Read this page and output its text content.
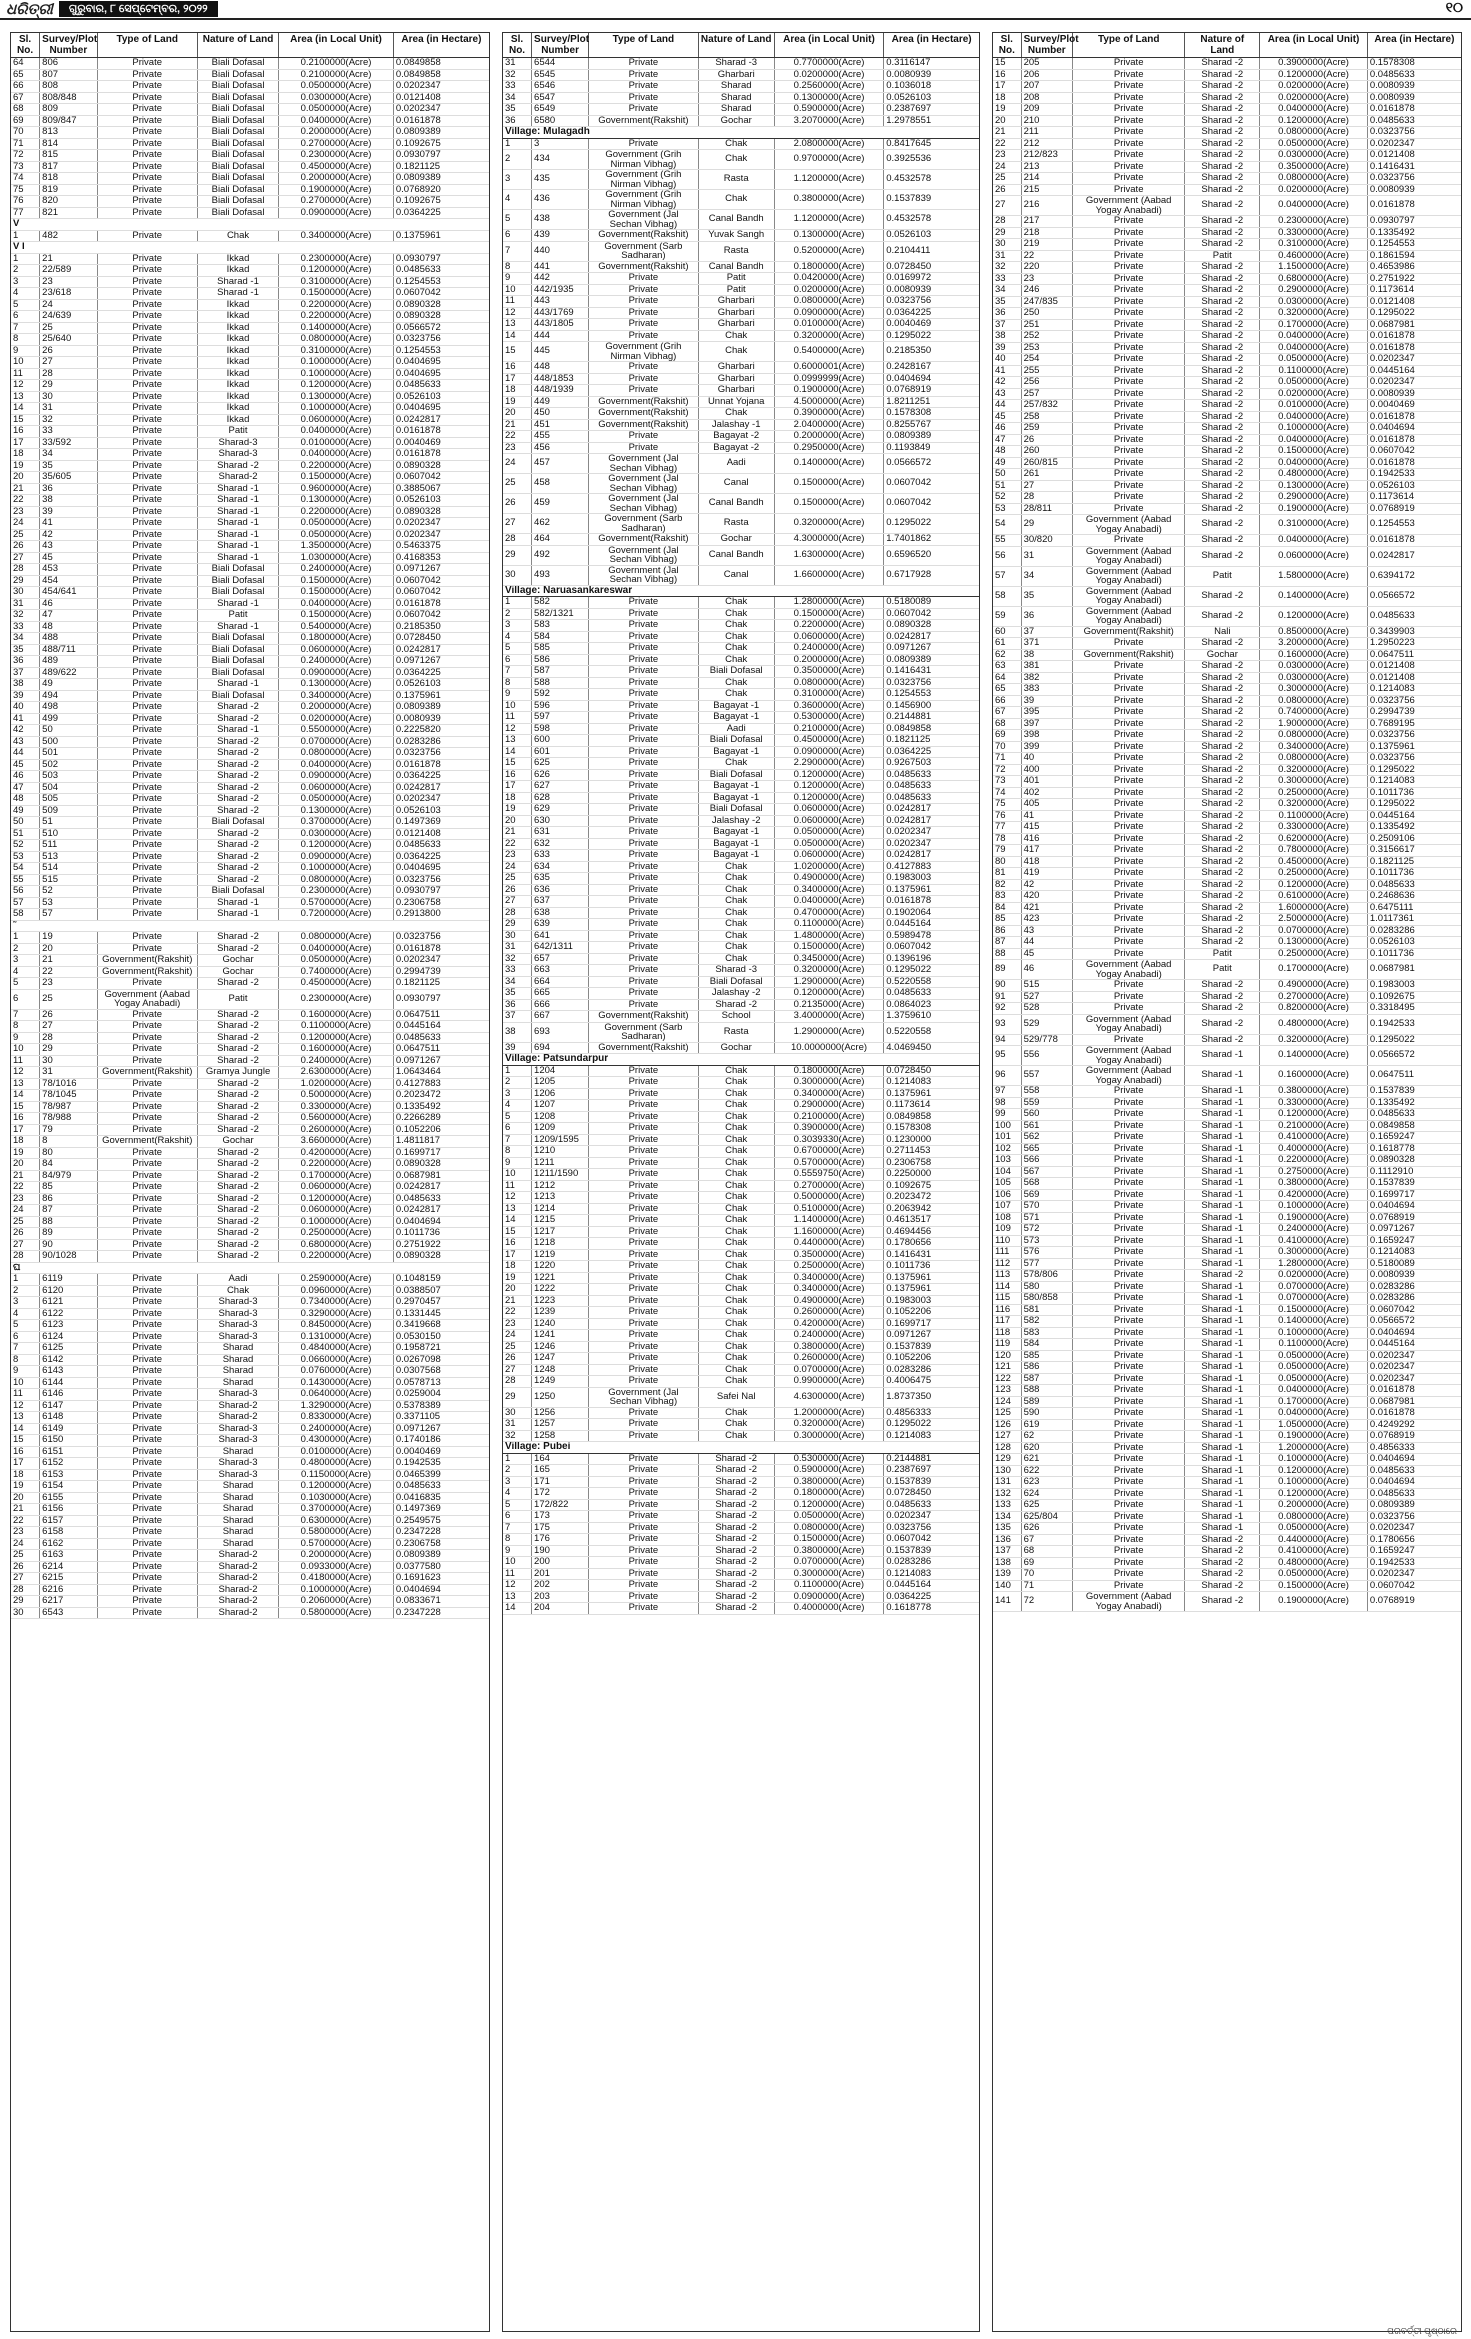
ଧରିତ୍ରୀ	ଗୁରୁବାର, ୮ ସେପ୍ଟେମ୍ବର, ୨୦୨୨	୧୦
Sl. No.	Survey/Plot Number	Type of Land	Nature of Land	Area (in Local Unit)	Area (in Hectare)
64	806	Private	Biali Dofasal	0.2100000(Acre)	0.0849858
65	807	Private	Biali Dofasal	0.2100000(Acre)	0.0849858
66	808	Private	Biali Dofasal	0.0500000(Acre)	0.0202347
67	808/848	Private	Biali Dofasal	0.0300000(Acre)	0.0121408
68	809	Private	Biali Dofasal	0.0500000(Acre)	0.0202347
69	809/847	Private	Biali Dofasal	0.0400000(Acre)	0.0161878
70	813	Private	Biali Dofasal	0.2000000(Acre)	0.0809389
71	814	Private	Biali Dofasal	0.2700000(Acre)	0.1092675
72	815	Private	Biali Dofasal	0.2300000(Acre)	0.0930797
73	817	Private	Biali Dofasal	0.4500000(Acre)	0.1821125
74	818	Private	Biali Dofasal	0.2000000(Acre)	0.0809389
75	819	Private	Biali Dofasal	0.1900000(Acre)	0.0768920
76	820	Private	Biali Dofasal	0.2700000(Acre)	0.1092675
77	821	Private	Biali Dofasal	0.0900000(Acre)	0.0364225
V					
1	482	Private	Chak	0.3400000(Acre)	0.1375961
V I					
1	21	Private	Ikkad	0.2300000(Acre)	0.0930797
2	22/589	Private	Ikkad	0.1200000(Acre)	0.0485633
3	23	Private	Sharad -1	0.3100000(Acre)	0.1254553
4	23/618	Private	Sharad -1	0.1500000(Acre)	0.0607042
5	24	Private	Ikkad	0.2200000(Acre)	0.0890328
6	24/639	Private	Ikkad	0.2200000(Acre)	0.0890328
7	25	Private	Ikkad	0.1400000(Acre)	0.0566572
8	25/640	Private	Ikkad	0.0800000(Acre)	0.0323756
9	26	Private	Ikkad	0.3100000(Acre)	0.1254553
10	27	Private	Ikkad	0.1000000(Acre)	0.0404695
11	28	Private	Ikkad	0.1000000(Acre)	0.0404695
12	29	Private	Ikkad	0.1200000(Acre)	0.0485633
13	30	Private	Ikkad	0.1300000(Acre)	0.0526103
14	31	Private	Ikkad	0.1000000(Acre)	0.0404695
15	32	Private	Ikkad	0.0600000(Acre)	0.0242817
16	33	Private	Patit	0.0400000(Acre)	0.0161878
17	33/592	Private	Sharad-3	0.0100000(Acre)	0.0040469
18	34	Private	Sharad-3	0.0400000(Acre)	0.0161878
19	35	Private	Sharad -2	0.2200000(Acre)	0.0890328
20	35/605	Private	Sharad-2	0.1500000(Acre)	0.0607042
21	36	Private	Sharad -1	0.9600000(Acre)	0.3885067
22	38	Private	Sharad -1	0.1300000(Acre)	0.0526103
23	39	Private	Sharad -1	0.2200000(Acre)	0.0890328
24	41	Private	Sharad -1	0.0500000(Acre)	0.0202347
25	42	Private	Sharad -1	0.0500000(Acre)	0.0202347
26	43	Private	Sharad -1	1.3500000(Acre)	0.5463375
27	45	Private	Sharad -1	1.0300000(Acre)	0.4168353
28	453	Private	Biali Dofasal	0.2400000(Acre)	0.0971267
29	454	Private	Biali Dofasal	0.1500000(Acre)	0.0607042
30	454/641	Private	Biali Dofasal	0.1500000(Acre)	0.0607042
31	46	Private	Sharad -1	0.0400000(Acre)	0.0161878
32	47	Private	Patit	0.1500000(Acre)	0.0607042
33	48	Private	Sharad -1	0.5400000(Acre)	0.2185350
34	488	Private	Biali Dofasal	0.1800000(Acre)	0.0728450
35	488/711	Private	Biali Dofasal	0.0600000(Acre)	0.0242817
36	489	Private	Biali Dofasal	0.2400000(Acre)	0.0971267
37	489/622	Private	Biali Dofasal	0.0900000(Acre)	0.0364225
38	49	Private	Sharad -1	0.1300000(Acre)	0.0526103
39	494	Private	Biali Dofasal	0.3400000(Acre)	0.1375961
40	498	Private	Sharad -2	0.2000000(Acre)	0.0809389
41	499	Private	Sharad -2	0.0200000(Acre)	0.0080939
42	50	Private	Sharad -1	0.5500000(Acre)	0.2225820
43	500	Private	Sharad -2	0.0700000(Acre)	0.0283286
44	501	Private	Sharad -2	0.0800000(Acre)	0.0323756
45	502	Private	Sharad -2	0.0400000(Acre)	0.0161878
46	503	Private	Sharad -2	0.0900000(Acre)	0.0364225
47	504	Private	Sharad -2	0.0600000(Acre)	0.0242817
48	505	Private	Sharad -2	0.0500000(Acre)	0.0202347
49	509	Private	Sharad -2	0.1300000(Acre)	0.0526103
50	51	Private	Biali Dofasal	0.3700000(Acre)	0.1497369
51	510	Private	Sharad -2	0.0300000(Acre)	0.0121408
52	511	Private	Sharad -2	0.1200000(Acre)	0.0485633
53	513	Private	Sharad -2	0.0900000(Acre)	0.0364225
54	514	Private	Sharad -2	0.1000000(Acre)	0.0404695
55	515	Private	Sharad -2	0.0800000(Acre)	0.0323756
56	52	Private	Biali Dofasal	0.2300000(Acre)	0.0930797
57	53	Private	Sharad -1	0.5700000(Acre)	0.2306758
58	57	Private	Sharad -1	0.7200000(Acre)	0.2913800
˜					
1	19	Private	Sharad -2	0.0800000(Acre)	0.0323756
2	20	Private	Sharad -2	0.0400000(Acre)	0.0161878
3	21	Government(Rakshit)	Gochar	0.0500000(Acre)	0.0202347
4	22	Government(Rakshit)	Gochar	0.7400000(Acre)	0.2994739
5	23	Private	Sharad -2	0.4500000(Acre)	0.1821125
6	25	Government (Aabad Yogay Anabadi)	Patit	0.2300000(Acre)	0.0930797
7	26	Private	Sharad -2	0.1600000(Acre)	0.0647511
8	27	Private	Sharad -2	0.1100000(Acre)	0.0445164
9	28	Private	Sharad -2	0.1200000(Acre)	0.0485633
10	29	Private	Sharad -2	0.1600000(Acre)	0.0647511
11	30	Private	Sharad -2	0.2400000(Acre)	0.0971267
12	31	Government(Rakshit)	Gramya Jungle	2.6300000(Acre)	1.0643464
13	78/1016	Private	Sharad -2	1.0200000(Acre)	0.4127883
14	78/1045	Private	Sharad -2	0.5000000(Acre)	0.2023472
15	78/987	Private	Sharad -2	0.3300000(Acre)	0.1335492
16	78/988	Private	Sharad -2	0.5600000(Acre)	0.2266289
17	79	Private	Sharad -2	0.2600000(Acre)	0.1052206
18	8	Government(Rakshit)	Gochar	3.6600000(Acre)	1.4811817
19	80	Private	Sharad -2	0.4200000(Acre)	0.1699717
20	84	Private	Sharad -2	0.2200000(Acre)	0.0890328
21	84/979	Private	Sharad -2	0.1700000(Acre)	0.0687981
22	85	Private	Sharad -2	0.0600000(Acre)	0.0242817
23	86	Private	Sharad -2	0.1200000(Acre)	0.0485633
24	87	Private	Sharad -2	0.0600000(Acre)	0.0242817
25	88	Private	Sharad -2	0.1000000(Acre)	0.0404694
26	89	Private	Sharad -2	0.2500000(Acre)	0.1011736
27	90	Private	Sharad -2	0.6800000(Acre)	0.2751922
28	90/1028	Private	Sharad -2	0.2200000(Acre)	0.0890328
ଘ					
1	6119	Private	Aadi	0.2590000(Acre)	0.1048159
2	6120	Private	Chak	0.0960000(Acre)	0.0388507
3	6121	Private	Sharad-3	0.7340000(Acre)	0.2970457
4	6122	Private	Sharad-3	0.3290000(Acre)	0.1331445
5	6123	Private	Sharad-3	0.8450000(Acre)	0.3419668
6	6124	Private	Sharad-3	0.1310000(Acre)	0.0530150
7	6125	Private	Sharad	0.4840000(Acre)	0.1958721
8	6142	Private	Sharad	0.0660000(Acre)	0.0267098
9	6143	Private	Sharad	0.0760000(Acre)	0.0307568
10	6144	Private	Sharad	0.1430000(Acre)	0.0578713
11	6146	Private	Sharad-3	0.0640000(Acre)	0.0259004
12	6147	Private	Sharad-2	1.3290000(Acre)	0.5378389
13	6148	Private	Sharad-2	0.8330000(Acre)	0.3371105
14	6149	Private	Sharad-3	0.2400000(Acre)	0.0971267
15	6150	Private	Sharad-3	0.4300000(Acre)	0.1740186
16	6151	Private	Sharad	0.0100000(Acre)	0.0040469
17	6152	Private	Sharad-3	0.4800000(Acre)	0.1942535
18	6153	Private	Sharad-3	0.1150000(Acre)	0.0465399
19	6154	Private	Sharad	0.1200000(Acre)	0.0485633
20	6155	Private	Sharad	0.1030000(Acre)	0.0416835
21	6156	Private	Sharad	0.3700000(Acre)	0.1497369
22	6157	Private	Sharad	0.6300000(Acre)	0.2549575
23	6158	Private	Sharad	0.5800000(Acre)	0.2347228
24	6162	Private	Sharad	0.5700000(Acre)	0.2306758
25	6163	Private	Sharad-2	0.2000000(Acre)	0.0809389
26	6214	Private	Sharad-2	0.0933000(Acre)	0.0377580
27	6215	Private	Sharad-2	0.4180000(Acre)	0.1691623
28	6216	Private	Sharad-2	0.1000000(Acre)	0.0404694
29	6217	Private	Sharad-2	0.2060000(Acre)	0.0833671
30	6543	Private	Sharad-2	0.5800000(Acre)	0.2347228
Sl. No.	Survey/Plot Number	Type of Land	Nature of Land	Area (in Local Unit)	Area (in Hectare)
31	6544	Private	Sharad -3	0.7700000(Acre)	0.3116147
32	6545	Private	Gharbari	0.0200000(Acre)	0.0080939
33	6546	Private	Sharad	0.2560000(Acre)	0.1036018
34	6547	Private	Sharad	0.1300000(Acre)	0.0526103
35	6549	Private	Sharad	0.5900000(Acre)	0.2387697
36	6580	Government(Rakshit)	Gochar	3.2070000(Acre)	1.2978551
Village: Mulagadh					
1	3	Private	Chak	2.0800000(Acre)	0.8417645
2	434	Government (Grih Nirman Vibhag)	Chak	0.9700000(Acre)	0.3925536
3	435	Government (Grih Nirman Vibhag)	Rasta	1.1200000(Acre)	0.4532578
4	436	Government (Grih Nirman Vibhag)	Chak	0.3800000(Acre)	0.1537839
5	438	Government (Jal Sechan Vibhag)	Canal Bandh	1.1200000(Acre)	0.4532578
6	439	Government(Rakshit)	Yuvak Sangh	0.1300000(Acre)	0.0526103
7	440	Government (Sarb Sadharan)	Rasta	0.5200000(Acre)	0.2104411
8	441	Government(Rakshit)	Canal Bandh	0.1800000(Acre)	0.0728450
9	442	Private	Patit	0.0420000(Acre)	0.0169972
10	442/1935	Private	Patit	0.0200000(Acre)	0.0080939
11	443	Private	Gharbari	0.0800000(Acre)	0.0323756
12	443/1769	Private	Gharbari	0.0900000(Acre)	0.0364225
13	443/1805	Private	Gharbari	0.0100000(Acre)	0.0040469
14	444	Private	Chak	0.3200000(Acre)	0.1295022
15	445	Government (Grih Nirman Vibhag)	Chak	0.5400000(Acre)	0.2185350
16	448	Private	Gharbari	0.6000001(Acre)	0.2428167
17	448/1853	Private	Gharbari	0.0999999(Acre)	0.0404694
18	448/1939	Private	Gharbari	0.1900000(Acre)	0.0768919
19	449	Government(Rakshit)	Unnat Yojana	4.5000000(Acre)	1.8211251
20	450	Government(Rakshit)	Chak	0.3900000(Acre)	0.1578308
21	451	Government(Rakshit)	Jalashay -1	2.0400000(Acre)	0.8255767
22	455	Private	Bagayat -2	0.2000000(Acre)	0.0809389
23	456	Private	Bagayat -2	0.2950000(Acre)	0.1193849
24	457	Government (Jal Sechan Vibhag)	Aadi	0.1400000(Acre)	0.0566572
25	458	Government (Jal Sechan Vibhag)	Canal	0.1500000(Acre)	0.0607042
26	459	Government (Jal Sechan Vibhag)	Canal Bandh	0.1500000(Acre)	0.0607042
27	462	Government (Sarb Sadharan)	Rasta	0.3200000(Acre)	0.1295022
28	464	Government(Rakshit)	Gochar	4.3000000(Acre)	1.7401862
29	492	Government (Jal Sechan Vibhag)	Canal Bandh	1.6300000(Acre)	0.6596520
30	493	Government (Jal Sechan Vibhag)	Canal	1.6600000(Acre)	0.6717928
Village: Naruasankareswar					
1	582	Private	Chak	1.2800000(Acre)	0.5180089
2	582/1321	Private	Chak	0.1500000(Acre)	0.0607042
3	583	Private	Chak	0.2200000(Acre)	0.0890328
4	584	Private	Chak	0.0600000(Acre)	0.0242817
5	585	Private	Chak	0.2400000(Acre)	0.0971267
6	586	Private	Chak	0.2000000(Acre)	0.0809389
7	587	Private	Biali Dofasal	0.3500000(Acre)	0.1416431
8	588	Private	Chak	0.0800000(Acre)	0.0323756
9	592	Private	Chak	0.3100000(Acre)	0.1254553
10	596	Private	Bagayat -1	0.3600000(Acre)	0.1456900
11	597	Private	Bagayat -1	0.5300000(Acre)	0.2144881
12	598	Private	Aadi	0.2100000(Acre)	0.0849858
13	600	Private	Biali Dofasal	0.4500000(Acre)	0.1821125
14	601	Private	Bagayat -1	0.0900000(Acre)	0.0364225
15	625	Private	Chak	2.2900000(Acre)	0.9267503
16	626	Private	Biali Dofasal	0.1200000(Acre)	0.0485633
17	627	Private	Bagayat -1	0.1200000(Acre)	0.0485633
18	628	Private	Bagayat -1	0.1200000(Acre)	0.0485633
19	629	Private	Biali Dofasal	0.0600000(Acre)	0.0242817
20	630	Private	Jalashay -2	0.0600000(Acre)	0.0242817
21	631	Private	Bagayat -1	0.0500000(Acre)	0.0202347
22	632	Private	Bagayat -1	0.0500000(Acre)	0.0202347
23	633	Private	Bagayat -1	0.0600000(Acre)	0.0242817
24	634	Private	Chak	1.0200000(Acre)	0.4127883
25	635	Private	Chak	0.4900000(Acre)	0.1983003
26	636	Private	Chak	0.3400000(Acre)	0.1375961
27	637	Private	Chak	0.0400000(Acre)	0.0161878
28	638	Private	Chak	0.4700000(Acre)	0.1902064
29	639	Private	Chak	0.1100000(Acre)	0.0445164
30	641	Private	Chak	1.4800000(Acre)	0.5989478
31	642/1311	Private	Chak	0.1500000(Acre)	0.0607042
32	657	Private	Chak	0.3450000(Acre)	0.1396196
33	663	Private	Sharad -3	0.3200000(Acre)	0.1295022
34	664	Private	Biali Dofasal	1.2900000(Acre)	0.5220558
35	665	Private	Jalashay -2	0.1200000(Acre)	0.0485633
36	666	Private	Sharad -2	0.2135000(Acre)	0.0864023
37	667	Government(Rakshit)	School	3.4000000(Acre)	1.3759610
38	693	Government (Sarb Sadharan)	Rasta	1.2900000(Acre)	0.5220558
39	694	Government(Rakshit)	Gochar	10.0000000(Acre)	4.0469450
Village: Patsundarpur					
1	1204	Private	Chak	0.1800000(Acre)	0.0728450
2	1205	Private	Chak	0.3000000(Acre)	0.1214083
3	1206	Private	Chak	0.3400000(Acre)	0.1375961
4	1207	Private	Chak	0.2900000(Acre)	0.1173614
5	1208	Private	Chak	0.2100000(Acre)	0.0849858
6	1209	Private	Chak	0.3900000(Acre)	0.1578308
7	1209/1595	Private	Chak	0.3039330(Acre)	0.1230000
8	1210	Private	Chak	0.6700000(Acre)	0.2711453
9	1211	Private	Chak	0.5700000(Acre)	0.2306758
10	1211/1590	Private	Chak	0.5559750(Acre)	0.2250000
11	1212	Private	Chak	0.2700000(Acre)	0.1092675
12	1213	Private	Chak	0.5000000(Acre)	0.2023472
13	1214	Private	Chak	0.5100000(Acre)	0.2063942
14	1215	Private	Chak	1.1400000(Acre)	0.4613517
15	1217	Private	Chak	1.1600000(Acre)	0.4694456
16	1218	Private	Chak	0.4400000(Acre)	0.1780656
17	1219	Private	Chak	0.3500000(Acre)	0.1416431
18	1220	Private	Chak	0.2500000(Acre)	0.1011736
19	1221	Private	Chak	0.3400000(Acre)	0.1375961
20	1222	Private	Chak	0.3400000(Acre)	0.1375961
21	1223	Private	Chak	0.4900000(Acre)	0.1983003
22	1239	Private	Chak	0.2600000(Acre)	0.1052206
23	1240	Private	Chak	0.4200000(Acre)	0.1699717
24	1241	Private	Chak	0.2400000(Acre)	0.0971267
25	1246	Private	Chak	0.3800000(Acre)	0.1537839
26	1247	Private	Chak	0.2600000(Acre)	0.1052206
27	1248	Private	Chak	0.0700000(Acre)	0.0283286
28	1249	Private	Chak	0.9900000(Acre)	0.4006475
29	1250	Government (Jal Sechan Vibhag)	Safei Nal	4.6300000(Acre)	1.8737350
30	1256	Private	Chak	1.2000000(Acre)	0.4856333
31	1257	Private	Chak	0.3200000(Acre)	0.1295022
32	1258	Private	Chak	0.3000000(Acre)	0.1214083
Village: Pubei					
1	164	Private	Sharad -2	0.5300000(Acre)	0.2144881
2	165	Private	Sharad -2	0.5900000(Acre)	0.2387697
3	171	Private	Sharad -2	0.3800000(Acre)	0.1537839
4	172	Private	Sharad -2	0.1800000(Acre)	0.0728450
5	172/822	Private	Sharad -2	0.1200000(Acre)	0.0485633
6	173	Private	Sharad -2	0.0500000(Acre)	0.0202347
7	175	Private	Sharad -2	0.0800000(Acre)	0.0323756
8	176	Private	Sharad -2	0.1500000(Acre)	0.0607042
9	190	Private	Sharad -2	0.3800000(Acre)	0.1537839
10	200	Private	Sharad -2	0.0700000(Acre)	0.0283286
11	201	Private	Sharad -2	0.3000000(Acre)	0.1214083
12	202	Private	Sharad -2	0.1100000(Acre)	0.0445164
13	203	Private	Sharad -2	0.0900000(Acre)	0.0364225
14	204	Private	Sharad -2	0.4000000(Acre)	0.1618778
Sl. No.	Survey/Plot Number	Type of Land	Nature of Land	Area (in Local Unit)	Area (in Hectare)
15	205	Private	Sharad -2	0.3900000(Acre)	0.1578308
16	206	Private	Sharad -2	0.1200000(Acre)	0.0485633
17	207	Private	Sharad -2	0.0200000(Acre)	0.0080939
18	208	Private	Sharad -2	0.0200000(Acre)	0.0080939
19	209	Private	Sharad -2	0.0400000(Acre)	0.0161878
20	210	Private	Sharad -2	0.1200000(Acre)	0.0485633
21	211	Private	Sharad -2	0.0800000(Acre)	0.0323756
22	212	Private	Sharad -2	0.0500000(Acre)	0.0202347
23	212/823	Private	Sharad -2	0.0300000(Acre)	0.0121408
24	213	Private	Sharad -2	0.3500000(Acre)	0.1416431
25	214	Private	Sharad -2	0.0800000(Acre)	0.0323756
26	215	Private	Sharad -2	0.0200000(Acre)	0.0080939
27	216	Government (Aabad Yogay Anabadi)	Sharad -2	0.0400000(Acre)	0.0161878
28	217	Private	Sharad -2	0.2300000(Acre)	0.0930797
29	218	Private	Sharad -2	0.3300000(Acre)	0.1335492
30	219	Private	Sharad -2	0.3100000(Acre)	0.1254553
31	22	Private	Patit	0.4600000(Acre)	0.1861594
32	220	Private	Sharad -2	1.1500000(Acre)	0.4653986
33	23	Private	Sharad -2	0.6800000(Acre)	0.2751922
34	246	Private	Sharad -2	0.2900000(Acre)	0.1173614
35	247/835	Private	Sharad -2	0.0300000(Acre)	0.0121408
36	250	Private	Sharad -2	0.3200000(Acre)	0.1295022
37	251	Private	Sharad -2	0.1700000(Acre)	0.0687981
38	252	Private	Sharad -2	0.0400000(Acre)	0.0161878
39	253	Private	Sharad -2	0.0400000(Acre)	0.0161878
40	254	Private	Sharad -2	0.0500000(Acre)	0.0202347
41	255	Private	Sharad -2	0.1100000(Acre)	0.0445164
42	256	Private	Sharad -2	0.0500000(Acre)	0.0202347
43	257	Private	Sharad -2	0.0200000(Acre)	0.0080939
44	257/832	Private	Sharad -2	0.0100000(Acre)	0.0040469
45	258	Private	Sharad -2	0.0400000(Acre)	0.0161878
46	259	Private	Sharad -2	0.1000000(Acre)	0.0404694
47	26	Private	Sharad -2	0.0400000(Acre)	0.0161878
48	260	Private	Sharad -2	0.1500000(Acre)	0.0607042
49	260/815	Private	Sharad -2	0.0400000(Acre)	0.0161878
50	261	Private	Sharad -2	0.4800000(Acre)	0.1942533
51	27	Private	Sharad -2	0.1300000(Acre)	0.0526103
52	28	Private	Sharad -2	0.2900000(Acre)	0.1173614
53	28/811	Private	Sharad -2	0.1900000(Acre)	0.0768919
54	29	Government (Aabad Yogay Anabadi)	Sharad -2	0.3100000(Acre)	0.1254553
55	30/820	Private	Sharad -2	0.0400000(Acre)	0.0161878
56	31	Government (Aabad Yogay Anabadi)	Sharad -2	0.0600000(Acre)	0.0242817
57	34	Government (Aabad Yogay Anabadi)	Patit	1.5800000(Acre)	0.6394172
58	35	Government (Aabad Yogay Anabadi)	Sharad -2	0.1400000(Acre)	0.0566572
59	36	Government (Aabad Yogay Anabadi)	Sharad -2	0.1200000(Acre)	0.0485633
60	37	Government(Rakshit)	Nali	0.8500000(Acre)	0.3439903
61	371	Private	Sharad -2	3.2000000(Acre)	1.2950223
62	38	Government(Rakshit)	Gochar	0.1600000(Acre)	0.0647511
63	381	Private	Sharad -2	0.0300000(Acre)	0.0121408
64	382	Private	Sharad -2	0.0300000(Acre)	0.0121408
65	383	Private	Sharad -2	0.3000000(Acre)	0.1214083
66	39	Private	Sharad -2	0.0800000(Acre)	0.0323756
67	395	Private	Sharad -2	0.7400000(Acre)	0.2994739
68	397	Private	Sharad -2	1.9000000(Acre)	0.7689195
69	398	Private	Sharad -2	0.0800000(Acre)	0.0323756
70	399	Private	Sharad -2	0.3400000(Acre)	0.1375961
71	40	Private	Sharad -2	0.0800000(Acre)	0.0323756
72	400	Private	Sharad -2	0.3200000(Acre)	0.1295022
73	401	Private	Sharad -2	0.3000000(Acre)	0.1214083
74	402	Private	Sharad -2	0.2500000(Acre)	0.1011736
75	405	Private	Sharad -2	0.3200000(Acre)	0.1295022
76	41	Private	Sharad -2	0.1100000(Acre)	0.0445164
77	415	Private	Sharad -2	0.3300000(Acre)	0.1335492
78	416	Private	Sharad -2	0.6200000(Acre)	0.2509106
79	417	Private	Sharad -2	0.7800000(Acre)	0.3156617
80	418	Private	Sharad -2	0.4500000(Acre)	0.1821125
81	419	Private	Sharad -2	0.2500000(Acre)	0.1011736
82	42	Private	Sharad -2	0.1200000(Acre)	0.0485633
83	420	Private	Sharad -2	0.6100000(Acre)	0.2468636
84	421	Private	Sharad -2	1.6000000(Acre)	0.6475111
85	423	Private	Sharad -2	2.5000000(Acre)	1.0117361
86	43	Private	Sharad -2	0.0700000(Acre)	0.0283286
87	44	Private	Sharad -2	0.1300000(Acre)	0.0526103
88	45	Private	Patit	0.2500000(Acre)	0.1011736
89	46	Government (Aabad Yogay Anabadi)	Patit	0.1700000(Acre)	0.0687981
90	515	Private	Sharad -2	0.4900000(Acre)	0.1983003
91	527	Private	Sharad -2	0.2700000(Acre)	0.1092675
92	528	Private	Sharad -2	0.8200000(Acre)	0.3318495
93	529	Government (Aabad Yogay Anabadi)	Sharad -2	0.4800000(Acre)	0.1942533
94	529/778	Private	Sharad -2	0.3200000(Acre)	0.1295022
95	556	Government (Aabad Yogay Anabadi)	Sharad -1	0.1400000(Acre)	0.0566572
96	557	Government (Aabad Yogay Anabadi)	Sharad -1	0.1600000(Acre)	0.0647511
97	558	Private	Sharad -1	0.3800000(Acre)	0.1537839
98	559	Private	Sharad -1	0.3300000(Acre)	0.1335492
99	560	Private	Sharad -1	0.1200000(Acre)	0.0485633
100	561	Private	Sharad -1	0.2100000(Acre)	0.0849858
101	562	Private	Sharad -1	0.4100000(Acre)	0.1659247
102	565	Private	Sharad -1	0.4000000(Acre)	0.1618778
103	566	Private	Sharad -1	0.2200000(Acre)	0.0890328
104	567	Private	Sharad -1	0.2750000(Acre)	0.1112910
105	568	Private	Sharad -1	0.3800000(Acre)	0.1537839
106	569	Private	Sharad -1	0.4200000(Acre)	0.1699717
107	570	Private	Sharad -1	0.1000000(Acre)	0.0404694
108	571	Private	Sharad -1	0.1900000(Acre)	0.0768919
109	572	Private	Sharad -1	0.2400000(Acre)	0.0971267
110	573	Private	Sharad -1	0.4100000(Acre)	0.1659247
111	576	Private	Sharad -1	0.3000000(Acre)	0.1214083
112	577	Private	Sharad -1	1.2800000(Acre)	0.5180089
113	578/806	Private	Sharad -2	0.0200000(Acre)	0.0080939
114	580	Private	Sharad -1	0.0700000(Acre)	0.0283286
115	580/858	Private	Sharad -1	0.0700000(Acre)	0.0283286
116	581	Private	Sharad -1	0.1500000(Acre)	0.0607042
117	582	Private	Sharad -1	0.1400000(Acre)	0.0566572
118	583	Private	Sharad -1	0.1000000(Acre)	0.0404694
119	584	Private	Sharad -1	0.1100000(Acre)	0.0445164
120	585	Private	Sharad -1	0.0500000(Acre)	0.0202347
121	586	Private	Sharad -1	0.0500000(Acre)	0.0202347
122	587	Private	Sharad -1	0.0500000(Acre)	0.0202347
123	588	Private	Sharad -1	0.0400000(Acre)	0.0161878
124	589	Private	Sharad -1	0.1700000(Acre)	0.0687981
125	590	Private	Sharad -1	0.0400000(Acre)	0.0161878
126	619	Private	Sharad -1	1.0500000(Acre)	0.4249292
127	62	Private	Sharad -1	0.1900000(Acre)	0.0768919
128	620	Private	Sharad -1	1.2000000(Acre)	0.4856333
129	621	Private	Sharad -1	0.1000000(Acre)	0.0404694
130	622	Private	Sharad -1	0.1200000(Acre)	0.0485633
131	623	Private	Sharad -1	0.1000000(Acre)	0.0404694
132	624	Private	Sharad -1	0.1200000(Acre)	0.0485633
133	625	Private	Sharad -1	0.2000000(Acre)	0.0809389
134	625/804	Private	Sharad -1	0.0800000(Acre)	0.0323756
135	626	Private	Sharad -1	0.0500000(Acre)	0.0202347
136	67	Private	Sharad -2	0.4400000(Acre)	0.1780656
137	68	Private	Sharad -2	0.4100000(Acre)	0.1659247
138	69	Private	Sharad -2	0.4800000(Acre)	0.1942533
139	70	Private	Sharad -2	0.0500000(Acre)	0.0202347
140	71	Private	Sharad -2	0.1500000(Acre)	0.0607042
141	72	Government (Aabad Yogay Anabadi)	Sharad -2	0.1900000(Acre)	0.0768919
ପରବର୍ତ୍ତୀ ପୃଷ୍ଠାରେ
